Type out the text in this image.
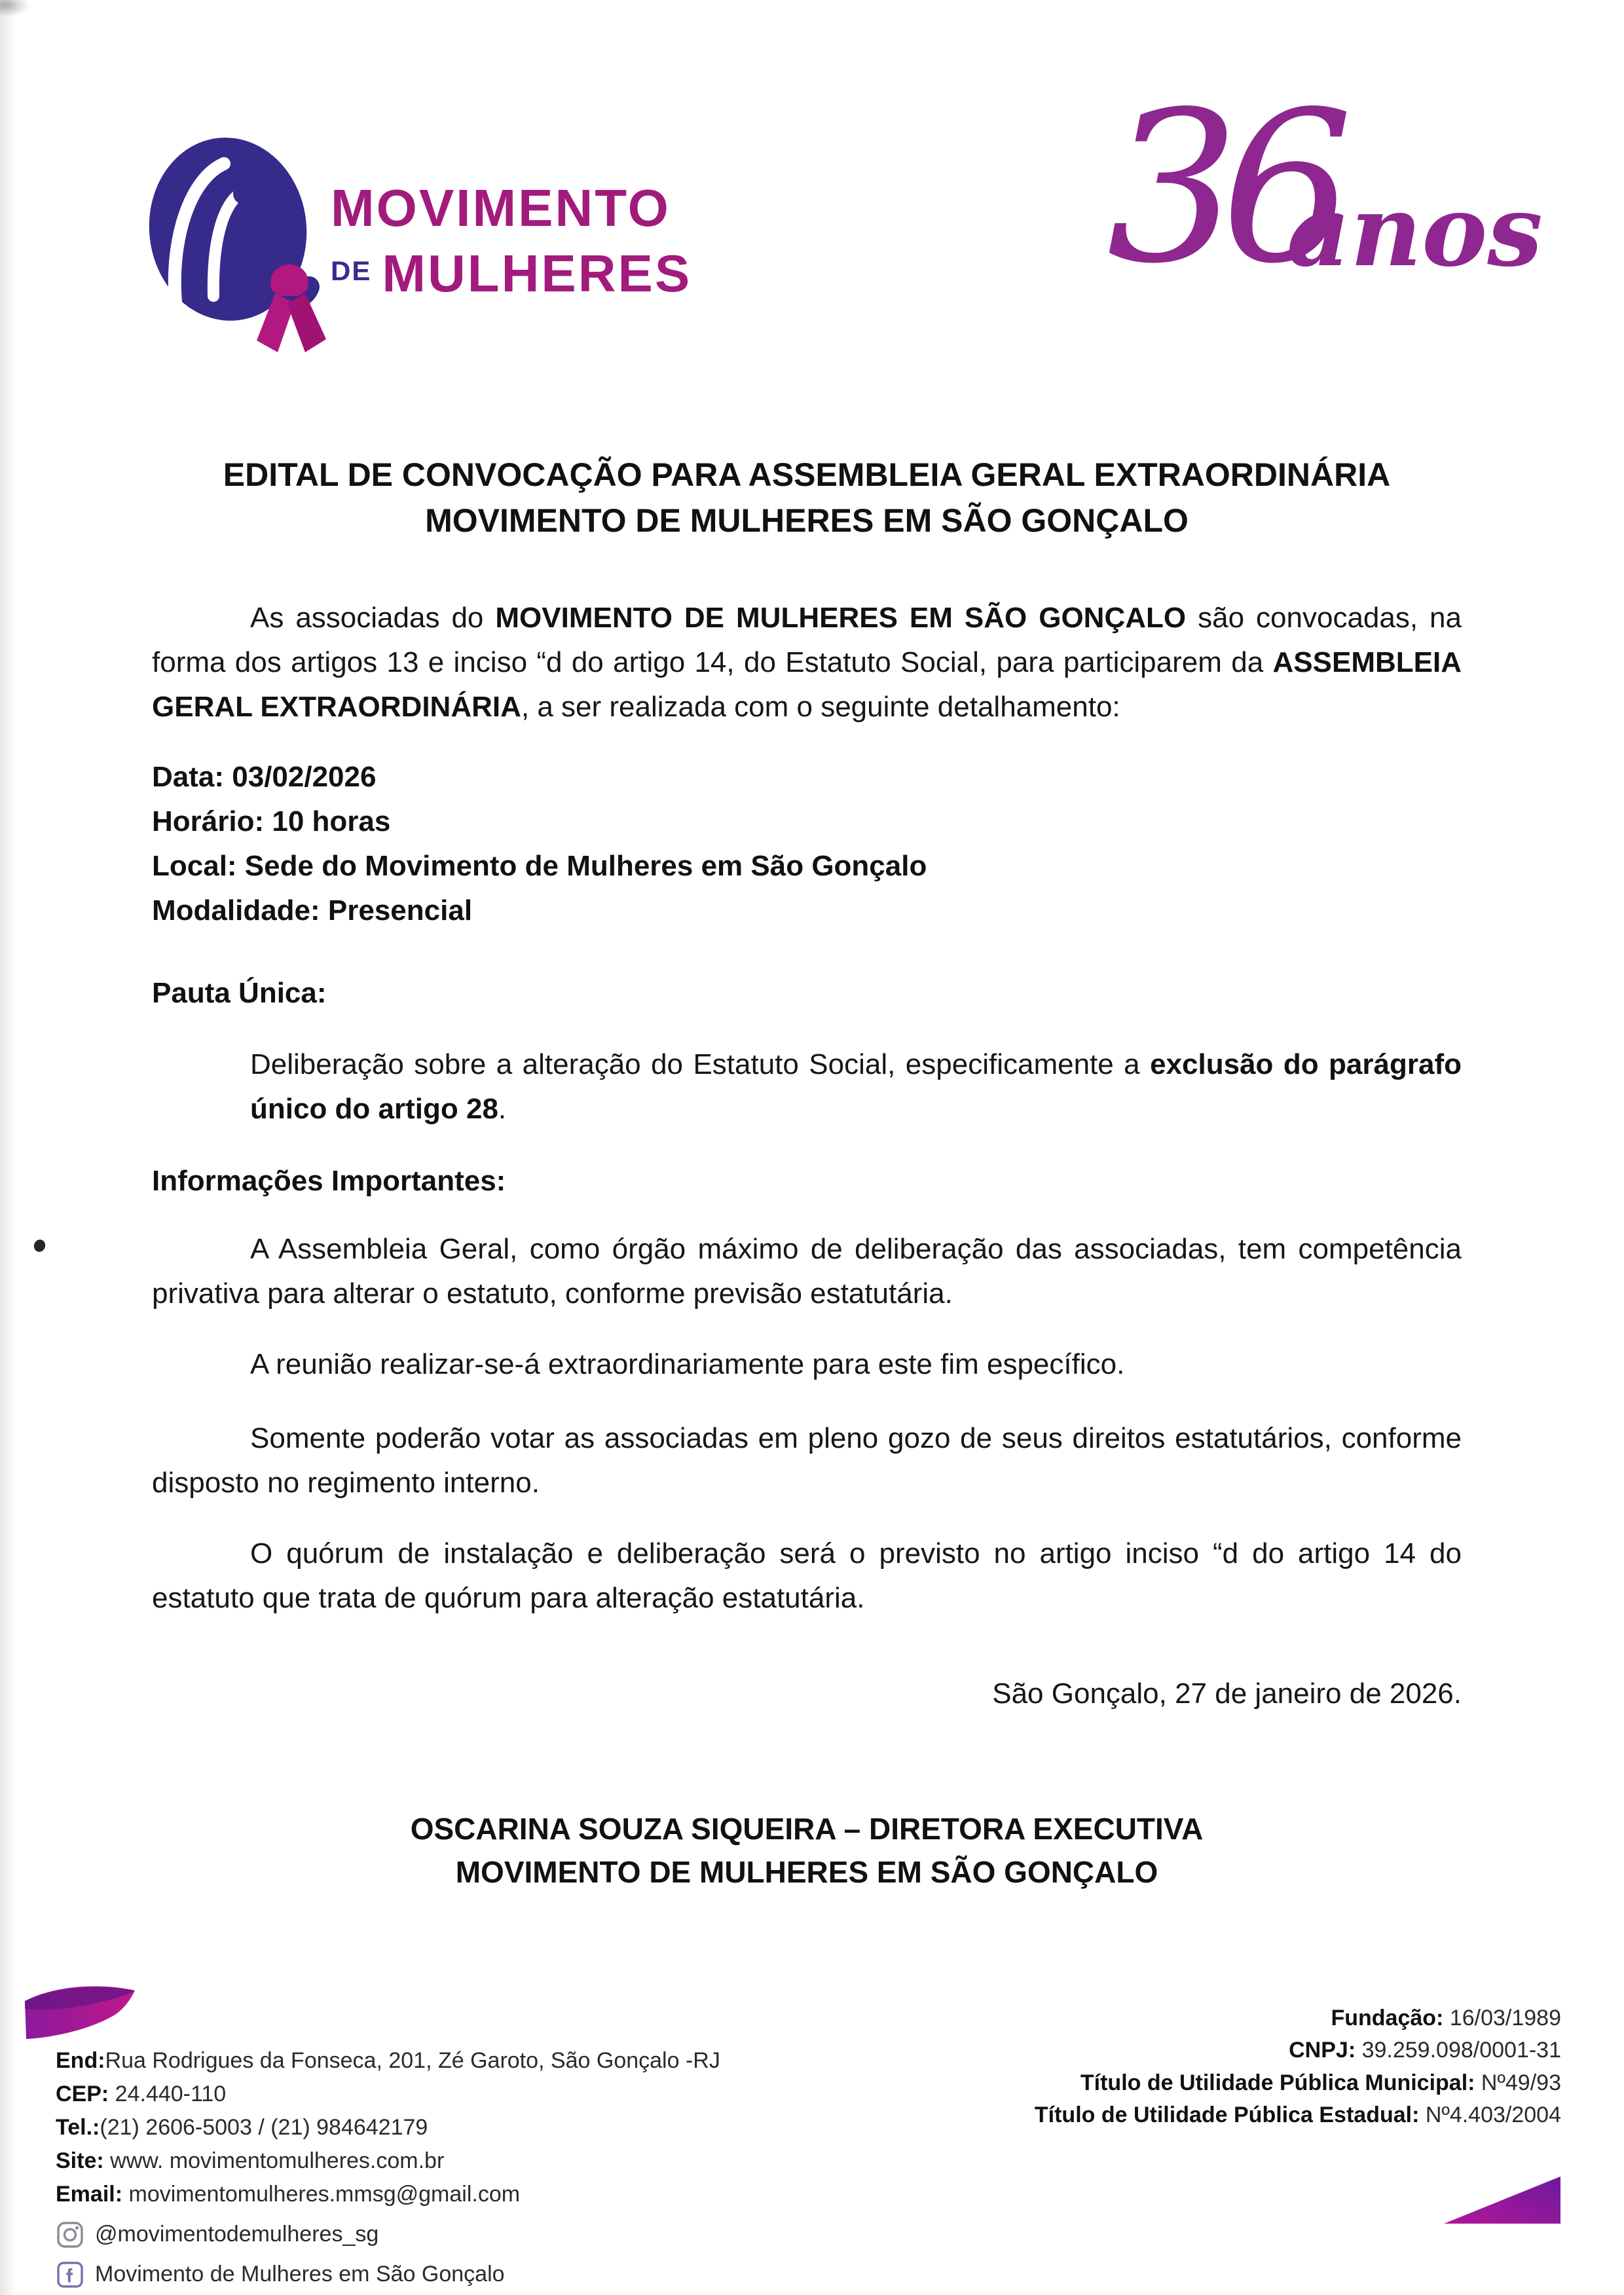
MOVIMENTO
DE MULHERES 36
anos
EDITAL DE CONVOCAÇÃO PARA ASSEMBLEIA GERAL EXTRAORDINÁRIA
MOVIMENTO DE MULHERES EM SÃO GONÇALO

As associadas do MOVIMENTO DE MULHERES EM SÃO GONÇALO são convocadas, na forma dos artigos 13 e inciso “d do artigo 14, do Estatuto Social, para participarem da ASSEMBLEIA GERAL EXTRAORDINÁRIA, a ser realizada com o seguinte detalhamento:

Data: 03/02/2026
Horário: 10 horas
Local: Sede do Movimento de Mulheres em São Gonçalo
Modalidade: Presencial

Pauta Única:

Deliberação sobre a alteração do Estatuto Social, especificamente a exclusão do parágrafo único do artigo 28.

Informações Importantes:

A Assembleia Geral, como órgão máximo de deliberação das associadas, tem competência privativa para alterar o estatuto, conforme previsão estatutária.

A reunião realizar-se-á extraordinariamente para este fim específico.

Somente poderão votar as associadas em pleno gozo de seus direitos estatutários, conforme disposto no regimento interno.

O quórum de instalação e deliberação será o previsto no artigo inciso “d do artigo 14 do estatuto que trata de quórum para alteração estatutária.

São Gonçalo, 27 de janeiro de 2026.

OSCARINA SOUZA SIQUEIRA – DIRETORA EXECUTIVA
MOVIMENTO DE MULHERES EM SÃO GONÇALO
End:Rua Rodrigues da Fonseca, 201, Zé Garoto, São Gonçalo -RJ
CEP: 24.440-110
Tel.:(21) 2606-5003 / (21) 984642179
Site: www. movimentomulheres.com.br
Email: movimentomulheres.mmsg@gmail.com
@movimentodemulheres_sg
Movimento de Mulheres em São Gonçalo
Fundação: 16/03/1989
CNPJ: 39.259.098/0001-31
Título de Utilidade Pública Municipal: Nº49/93
Título de Utilidade Pública Estadual: Nº4.403/2004
